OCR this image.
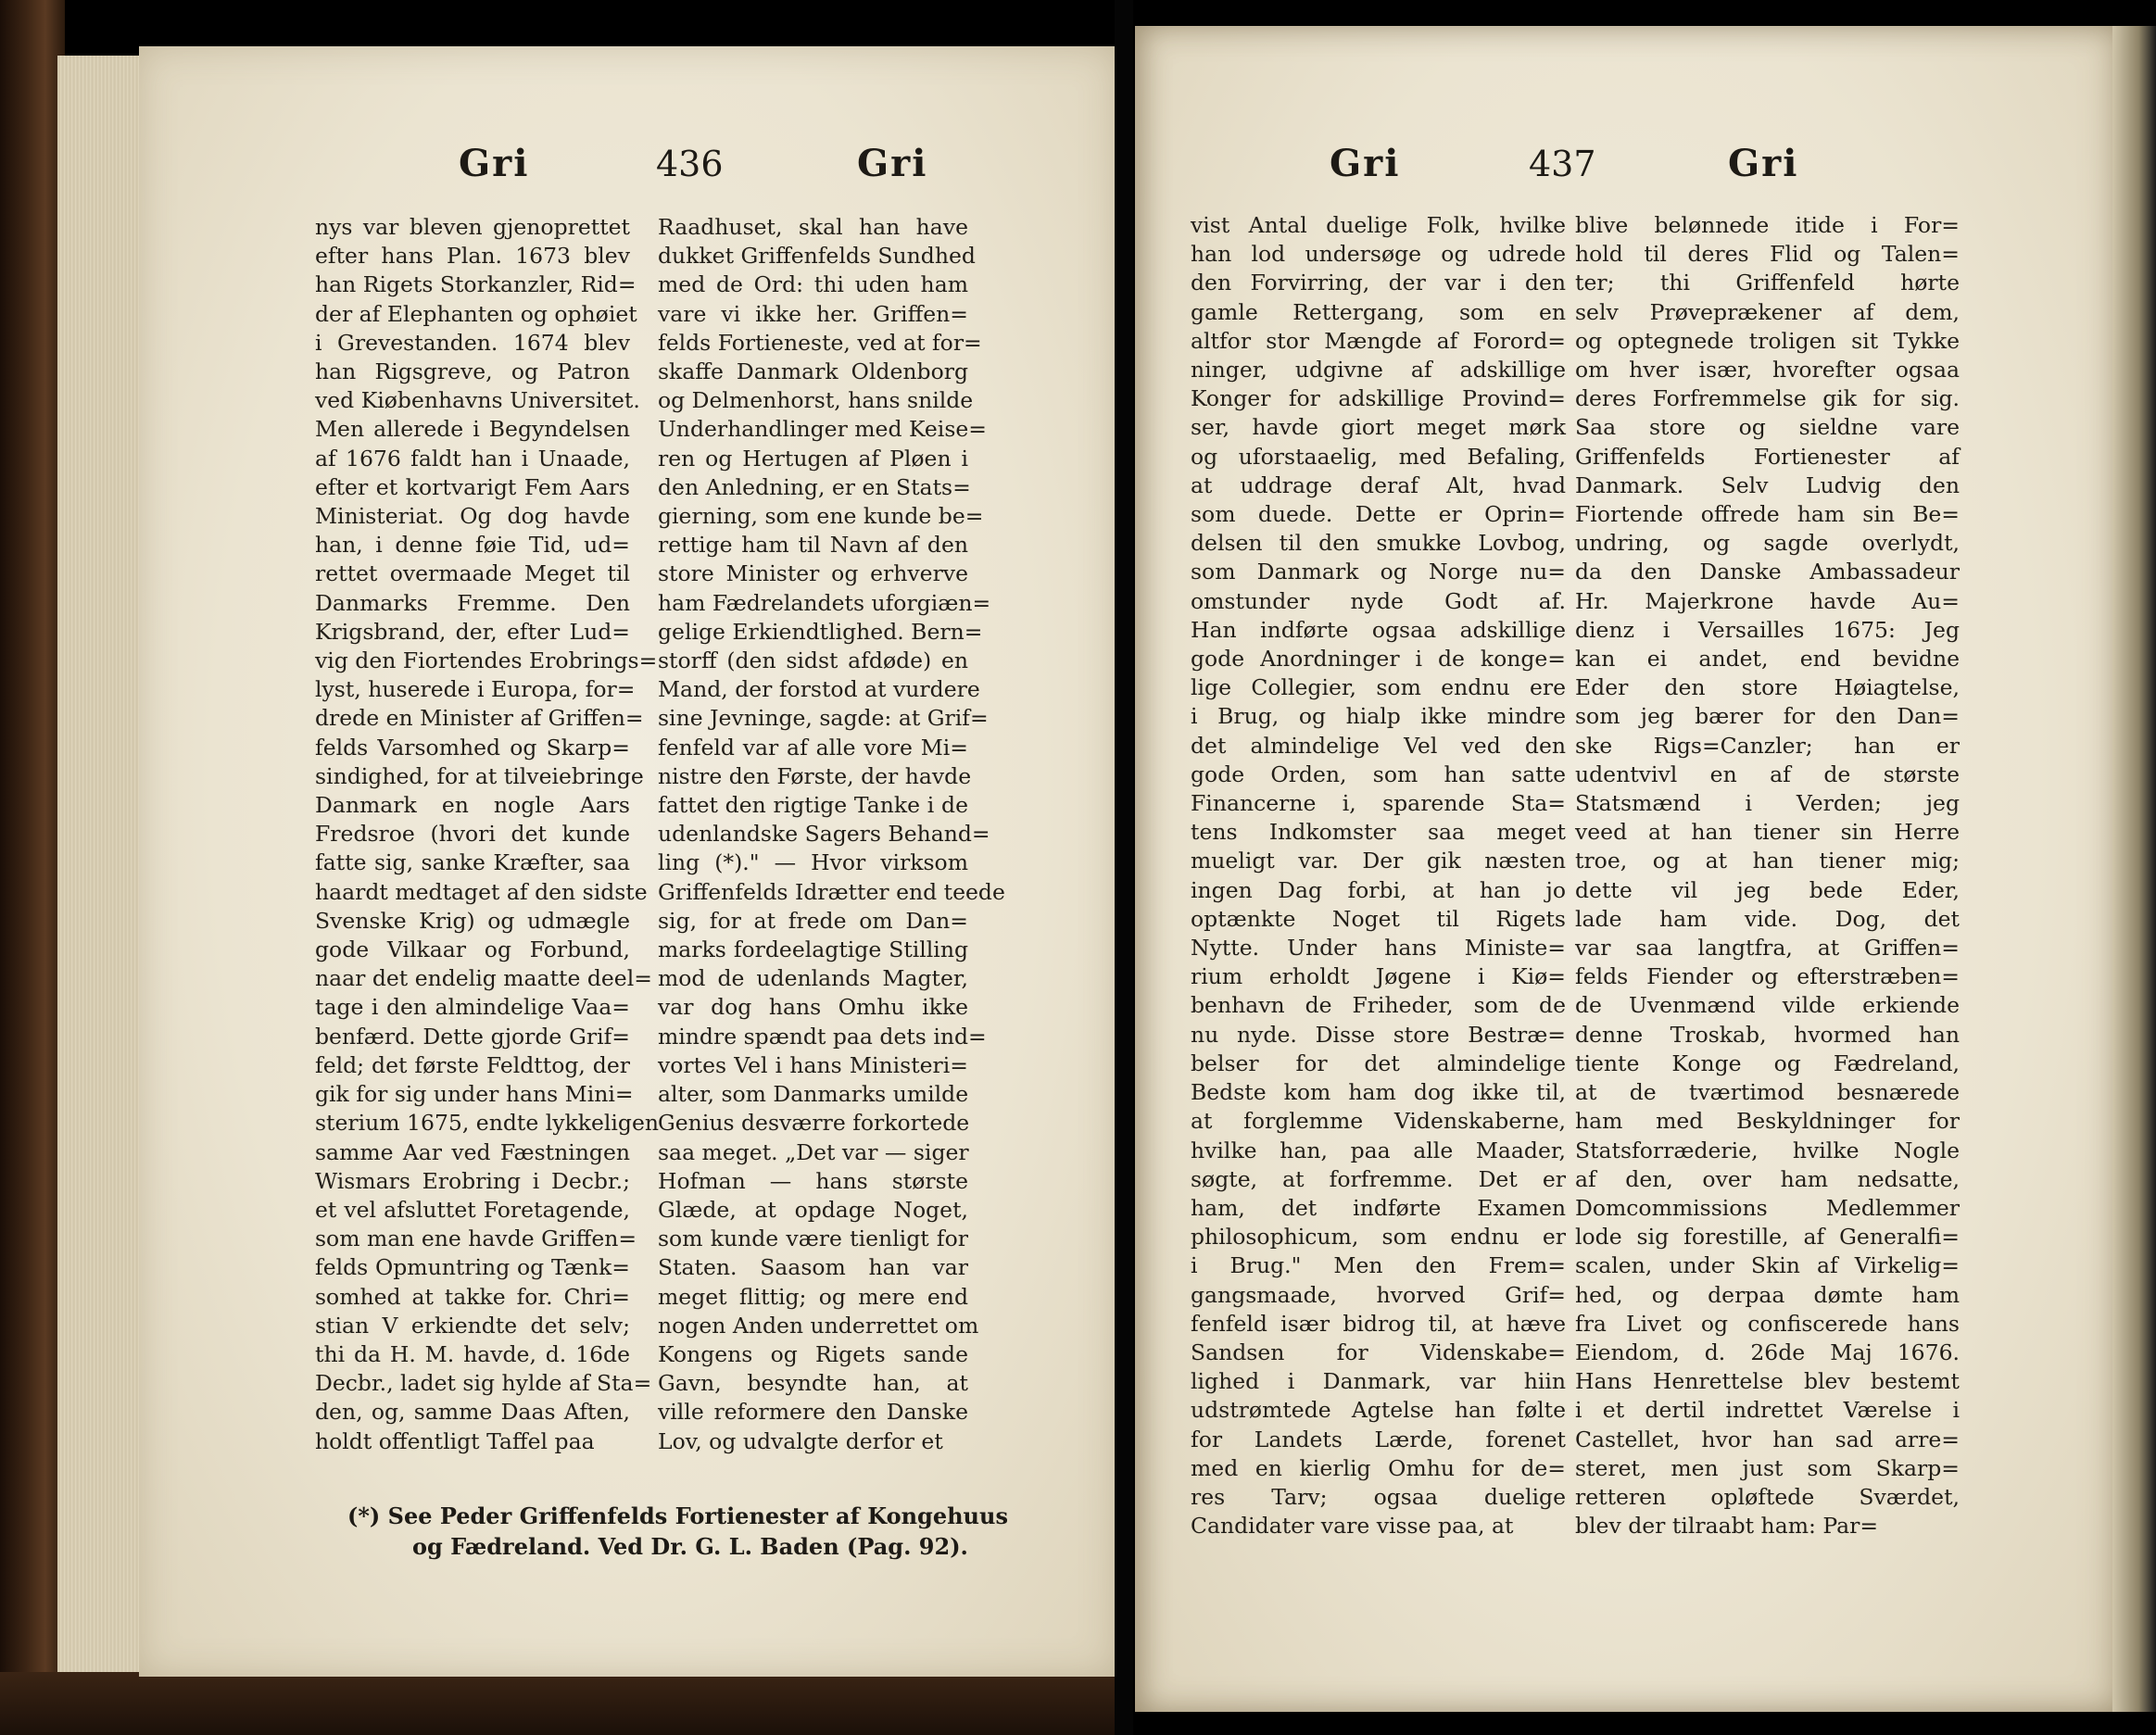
Gri	436	Gri
nys var bleven gjenoprettet
efter hans Plan. 1673 blev
han Rigets Storkanzler, Rid=
der af Elephanten og ophøiet
i Grevestanden. 1674 blev
han Rigsgreve, og Patron
ved Kiøbenhavns Universitet.
Men allerede i Begyndelsen
af 1676 faldt han i Unaade,
efter et kortvarigt Fem Aars
Ministeriat. Og dog havde
han, i denne føie Tid, ud=
rettet overmaade Meget til
Danmarks Fremme. Den
Krigsbrand, der, efter Lud=
vig den Fiortendes Erobrings=
lyst, huserede i Europa, for=
drede en Minister af Griffen=
felds Varsomhed og Skarp=
sindighed, for at tilveiebringe
Danmark en nogle Aars
Fredsroe (hvori det kunde
fatte sig, sanke Kræfter, saa
haardt medtaget af den sidste
Svenske Krig) og udmægle
gode Vilkaar og Forbund,
naar det endelig maatte deel=
tage i den almindelige Vaa=
benfærd. Dette gjorde Grif=
feld; det første Feldttog, der
gik for sig under hans Mini=
sterium 1675, endte lykkeligen
samme Aar ved Fæstningen
Wismars Erobring i Decbr.;
et vel afsluttet Foretagende,
som man ene havde Griffen=
felds Opmuntring og Tænk=
somhed at takke for. Chri=
stian V erkiendte det selv;
thi da H. M. havde, d. 16de
Decbr., ladet sig hylde af Sta=
den, og, samme Daas Aften,
holdt offentligt Taffel paa
Raadhuset, skal han have
dukket Griffenfelds Sundhed
med de Ord: thi uden ham
vare vi ikke her. Griffen=
felds Fortieneste, ved at for=
skaffe Danmark Oldenborg
og Delmenhorst, hans snilde
Underhandlinger med Keise=
ren og Hertugen af Pløen i
den Anledning, er en Stats=
gierning, som ene kunde be=
rettige ham til Navn af den
store Minister og erhverve
ham Fædrelandets uforgiæn=
gelige Erkiendtlighed. Bern=
storff (den sidst afdøde) en
Mand, der forstod at vurdere
sine Jevninge, sagde: at Grif=
fenfeld var af alle vore Mi=
nistre den Første, der havde
fattet den rigtige Tanke i de
udenlandske Sagers Behand=
ling (*)." — Hvor virksom
Griffenfelds Idrætter end teede
sig, for at frede om Dan=
marks fordeelagtige Stilling
mod de udenlands Magter,
var dog hans Omhu ikke
mindre spændt paa dets ind=
vortes Vel i hans Ministeri=
alter, som Danmarks umilde
Genius desværre forkortede
saa meget. „Det var — siger
Hofman — hans største
Glæde, at opdage Noget,
som kunde være tienligt for
Staten. Saasom han var
meget flittig; og mere end
nogen Anden underrettet om
Kongens og Rigets sande
Gavn, besyndte han, at
ville reformere den Danske
Lov, og udvalgte derfor et
(*) See Peder Griffenfelds Fortienester af Kongehuus
og Fædreland. Ved Dr. G. L. Baden (Pag. 92).
Gri	437	Gri
vist Antal duelige Folk, hvilke
han lod undersøge og udrede
den Forvirring, der var i den
gamle Rettergang, som en
altfor stor Mængde af Forord=
ninger, udgivne af adskillige
Konger for adskillige Provind=
ser, havde giort meget mørk
og uforstaaelig, med Befaling,
at uddrage deraf Alt, hvad
som duede. Dette er Oprin=
delsen til den smukke Lovbog,
som Danmark og Norge nu=
omstunder nyde Godt af.
Han indførte ogsaa adskillige
gode Anordninger i de konge=
lige Collegier, som endnu ere
i Brug, og hialp ikke mindre
det almindelige Vel ved den
gode Orden, som han satte
Financerne i, sparende Sta=
tens Indkomster saa meget
mueligt var. Der gik næsten
ingen Dag forbi, at han jo
optænkte Noget til Rigets
Nytte. Under hans Ministe=
rium erholdt Jøgene i Kiø=
benhavn de Friheder, som de
nu nyde. Disse store Bestræ=
belser for det almindelige
Bedste kom ham dog ikke til,
at forglemme Videnskaberne,
hvilke han, paa alle Maader,
søgte, at forfremme. Det er
ham, det indførte Examen
philosophicum, som endnu er
i Brug." Men den Frem=
gangsmaade, hvorved Grif=
fenfeld især bidrog til, at hæve
Sandsen for Videnskabe=
lighed i Danmark, var hiin
udstrømtede Agtelse han følte
for Landets Lærde, forenet
med en kierlig Omhu for de=
res Tarv; ogsaa duelige
Candidater vare visse paa, at
blive belønnede itide i For=
hold til deres Flid og Talen=
ter; thi Griffenfeld hørte
selv Prøveprækener af dem,
og optegnede troligen sit Tykke
om hver især, hvorefter ogsaa
deres Forfremmelse gik for sig.
Saa store og sieldne vare
Griffenfelds Fortienester af
Danmark. Selv Ludvig den
Fiortende offrede ham sin Be=
undring, og sagde overlydt,
da den Danske Ambassadeur
Hr. Majerkrone havde Au=
dienz i Versailles 1675: Jeg
kan ei andet, end bevidne
Eder den store Høiagtelse,
som jeg bærer for den Dan=
ske Rigs=Canzler; han er
udentvivl en af de største
Statsmænd i Verden; jeg
veed at han tiener sin Herre
troe, og at han tiener mig;
dette vil jeg bede Eder,
lade ham vide. Dog, det
var saa langtfra, at Griffen=
felds Fiender og efterstræben=
de Uvenmænd vilde erkiende
denne Troskab, hvormed han
tiente Konge og Fædreland,
at de tværtimod besnærede
ham med Beskyldninger for
Statsforræderie, hvilke Nogle
af den, over ham nedsatte,
Domcommissions Medlemmer
lode sig forestille, af Generalfi=
scalen, under Skin af Virkelig=
hed, og derpaa dømte ham
fra Livet og confiscerede hans
Eiendom, d. 26de Maj 1676.
Hans Henrettelse blev bestemt
i et dertil indrettet Værelse i
Castellet, hvor han sad arre=
steret, men just som Skarp=
retteren opløftede Sværdet,
blev der tilraabt ham: Par=
